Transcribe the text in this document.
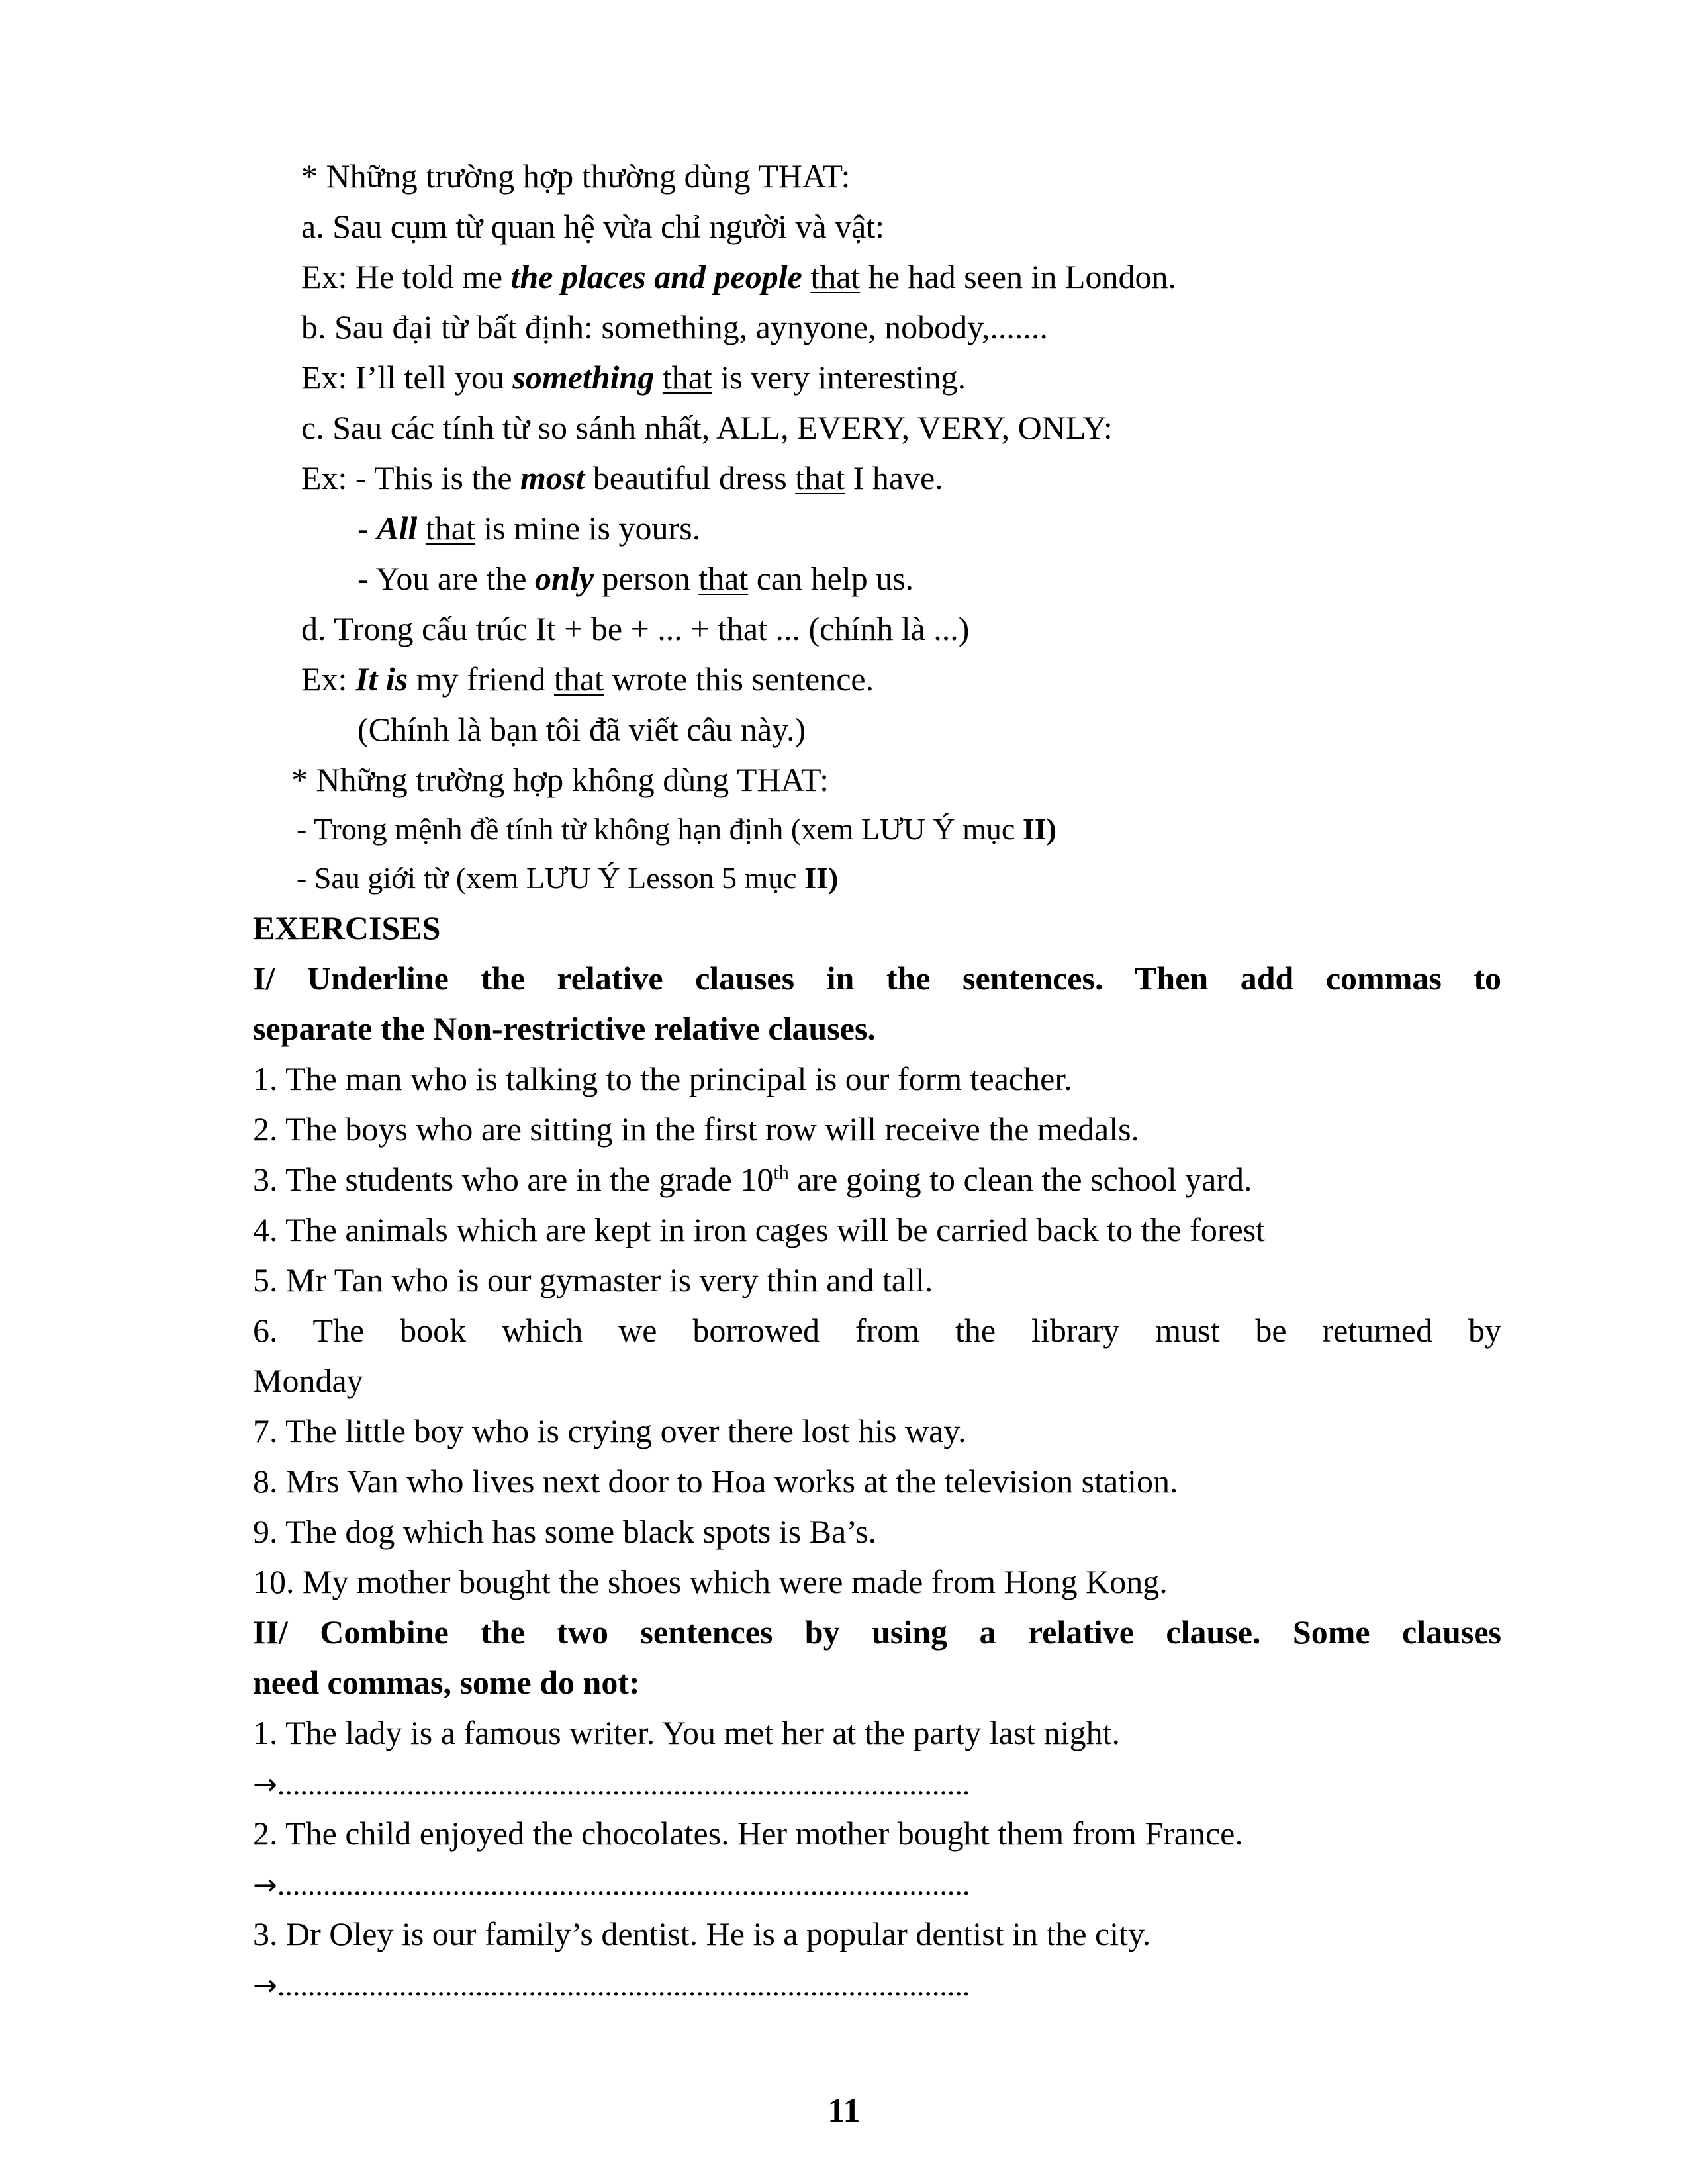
* Những trường hợp thường dùng THAT:
a. Sau cụm từ quan hệ vừa chỉ người và vật:
Ex: He told me the places and people that he had seen in London.
b. Sau đại từ bất định: something, aynyone, nobody,.......
Ex: I’ll tell you something that is very interesting.
c. Sau các tính từ so sánh nhất, ALL, EVERY, VERY, ONLY:
Ex: - This is the most beautiful dress that I have.
- All that is mine is yours.
- You are the only person that can help us.
d. Trong cấu trúc It + be + ... + that ... (chính là ...)
Ex: It is my friend that wrote this sentence.
(Chính là bạn tôi đã viết câu này.)
* Những trường hợp không dùng THAT:
- Trong mệnh đề tính từ không hạn định (xem LƯU Ý mục II)
- Sau giới từ (xem LƯU Ý Lesson 5 mục II)
EXERCISES
I/ Underline the relative clauses in the sentences. Then add commas to
separate the Non-restrictive relative clauses.
1. The man who is talking to the principal is our form teacher.
2. The boys who are sitting in the first row will receive the medals.
3. The students who are in the grade 10th are going to clean the school yard.
4. The animals which are kept in iron cages will be carried back to the forest
5. Mr Tan who is our gymaster is very thin and tall.
6. The book which we borrowed from the library must be returned by
Monday
7. The little boy who is crying over there lost his way.
8. Mrs Van who lives next door to Hoa works at the television station.
9. The dog which has some black spots is Ba’s.
10. My mother bought the shoes which were made from Hong Kong.
II/ Combine the two sentences by using a relative clause. Some clauses
need commas, some do not:
1. The lady is a famous writer. You met her at the party last night.
→...........................................................................................
2. The child enjoyed the chocolates. Her mother bought them from France.
→...........................................................................................
3. Dr Oley is our family’s dentist. He is a popular dentist in the city.
→...........................................................................................
11
